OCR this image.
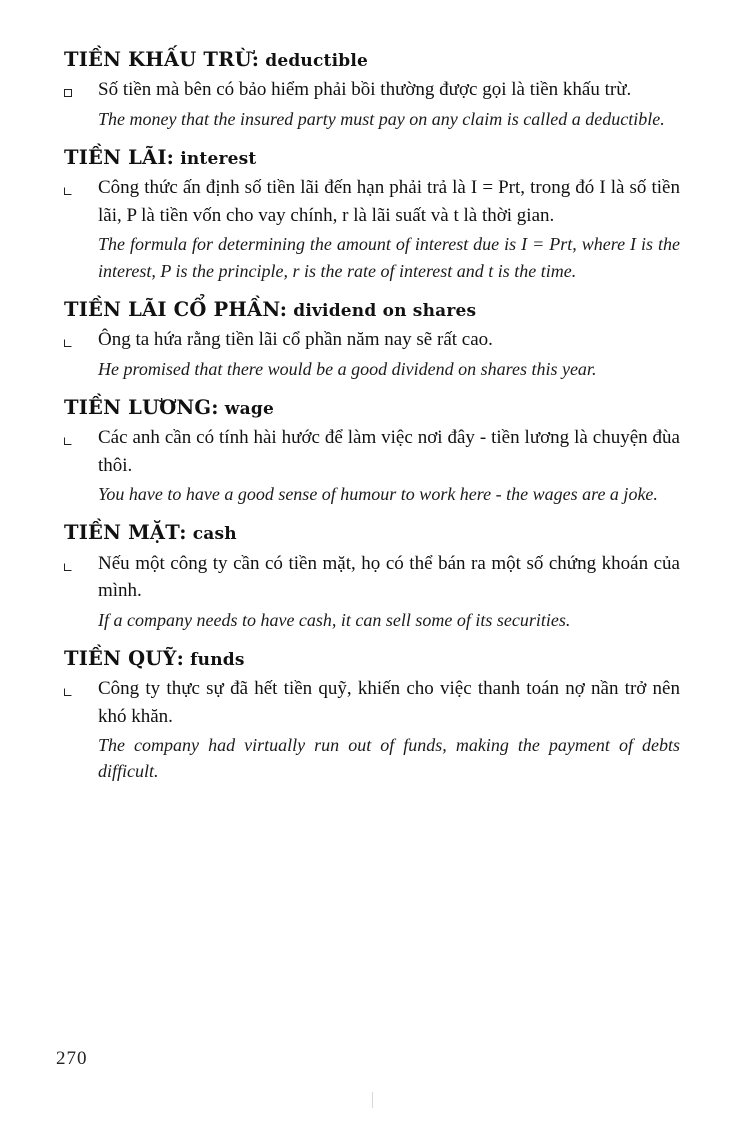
TIỀN KHẤU TRỪ: deductible
Số tiền mà bên có bảo hiểm phải bồi thường được gọi là tiền khấu trừ.
The money that the insured party must pay on any claim is called a deductible.
TIỀN LÃI: interest
Công thức ấn định số tiền lãi đến hạn phải trả là I = Prt, trong đó I là số tiền lãi, P là tiền vốn cho vay chính, r là lãi suất và t là thời gian.
The formula for determining the amount of interest due is I = Prt, where I is the interest, P is the principle, r is the rate of interest and t is the time.
TIỀN LÃI CỔ PHẦN: dividend on shares
Ông ta hứa rằng tiền lãi cổ phần năm nay sẽ rất cao.
He promised that there would be a good dividend on shares this year.
TIỀN LƯƠNG: wage
Các anh cần có tính hài hước để làm việc nơi đây - tiền lương là chuyện đùa thôi.
You have to have a good sense of humour to work here - the wages are a joke.
TIỀN MẶT: cash
Nếu một công ty cần có tiền mặt, họ có thể bán ra một số chứng khoán của mình.
If a company needs to have cash, it can sell some of its securities.
TIỀN QUỸ: funds
Công ty thực sự đã hết tiền quỹ, khiến cho việc thanh toán nợ nần trở nên khó khăn.
The company had virtually run out of funds, making the payment of debts difficult.
270
